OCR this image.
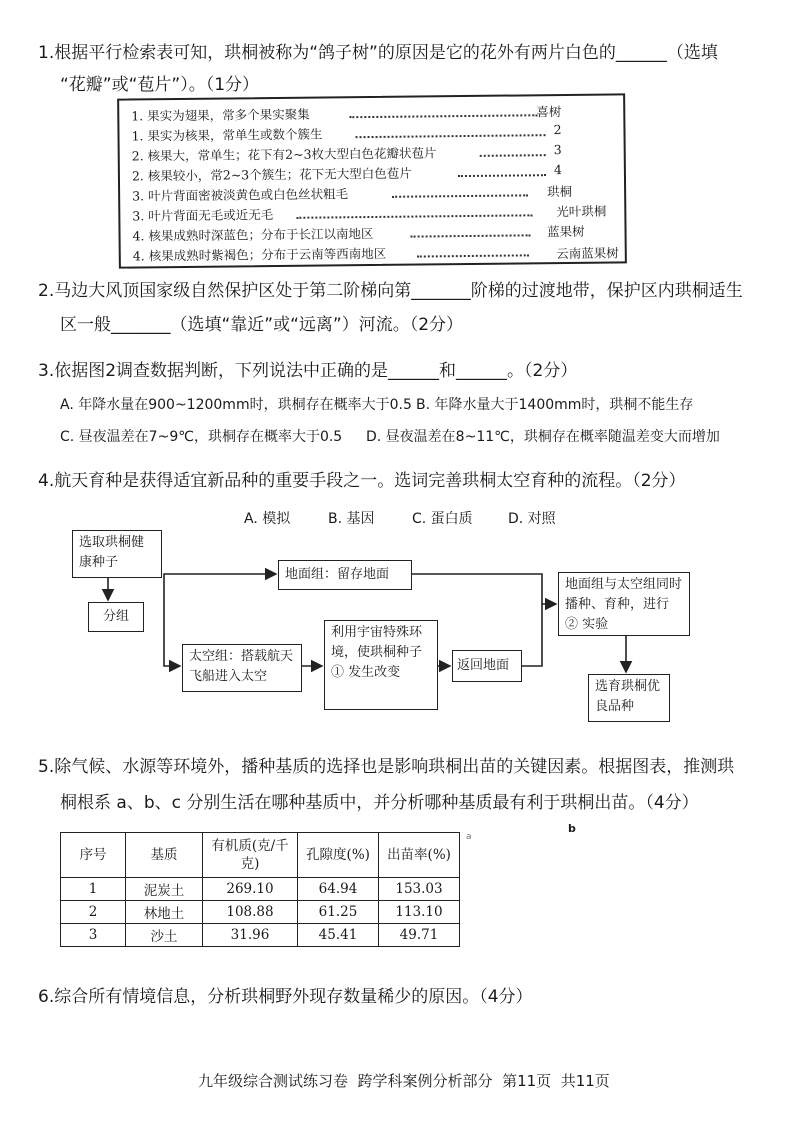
1.根据平行检索表可知，珙桐被称为“鸽子树”的原因是它的花外有两片白色的______（选填
“花瓣”或“苞片”）。（1分）
1. 果实为翅果，常多个果实聚集	喜树
1. 果实为核果，常单生或数个簇生	2
2. 核果大，常单生；花下有2~3枚大型白色花瓣状苞片	3
2. 核果较小，常2~3个簇生；花下无大型白色苞片	4
3. 叶片背面密被淡黄色或白色丝状粗毛	珙桐
3. 叶片背面无毛或近无毛	光叶珙桐
4. 核果成熟时深蓝色；分布于长江以南地区	蓝果树
4. 核果成熟时紫褐色；分布于云南等西南地区	云南蓝果树
2.马边大风顶国家级自然保护区处于第二阶梯向第_______阶梯的过渡地带，保护区内珙桐适生
区一般_______（选填“靠近”或“远离”）河流。（2分）
3.依据图2调查数据判断，下列说法中正确的是______和______。（2分）
A. 年降水量在900~1200mm时，珙桐存在概率大于0.5 B. 年降水量大于1400mm时，珙桐不能生存
C. 昼夜温差在7~9℃，珙桐存在概率大于0.5 D. 昼夜温差在8~11℃，珙桐存在概率随温差变大而增加
4.航天育种是获得适宜新品种的重要手段之一。选词完善珙桐太空育种的流程。（2分）
A. 模拟	B. 基因	C. 蛋白质	D. 对照
选取珙桐健康种子
分组
地面组：留存地面
太空组：搭载航天飞船进入太空
利用宇宙特殊环境，使珙桐种子 ① 发生改变	返回地面
地面组与太空组同时播种、育种，进行 ② 实验
选育珙桐优良品种
5.除气候、水源等环境外，播种基质的选择也是影响珙桐出苗的关键因素。根据图表，推测珙
桐根系 a、b、c 分别生活在哪种基质中，并分析哪种基质最有利于珙桐出苗。（4分）
a
b
序号	基质	有机质(克/千克)	孔隙度(%)	出苗率(%)
1	泥炭土	269.10	64.94	153.03
2	林地土	108.88	61.25	113.10
3	沙土	31.96	45.41	49.71
6.综合所有情境信息，分析珙桐野外现存数量稀少的原因。（4分）
九年级综合测试练习卷  跨学科案例分析部分  第11页  共11页
